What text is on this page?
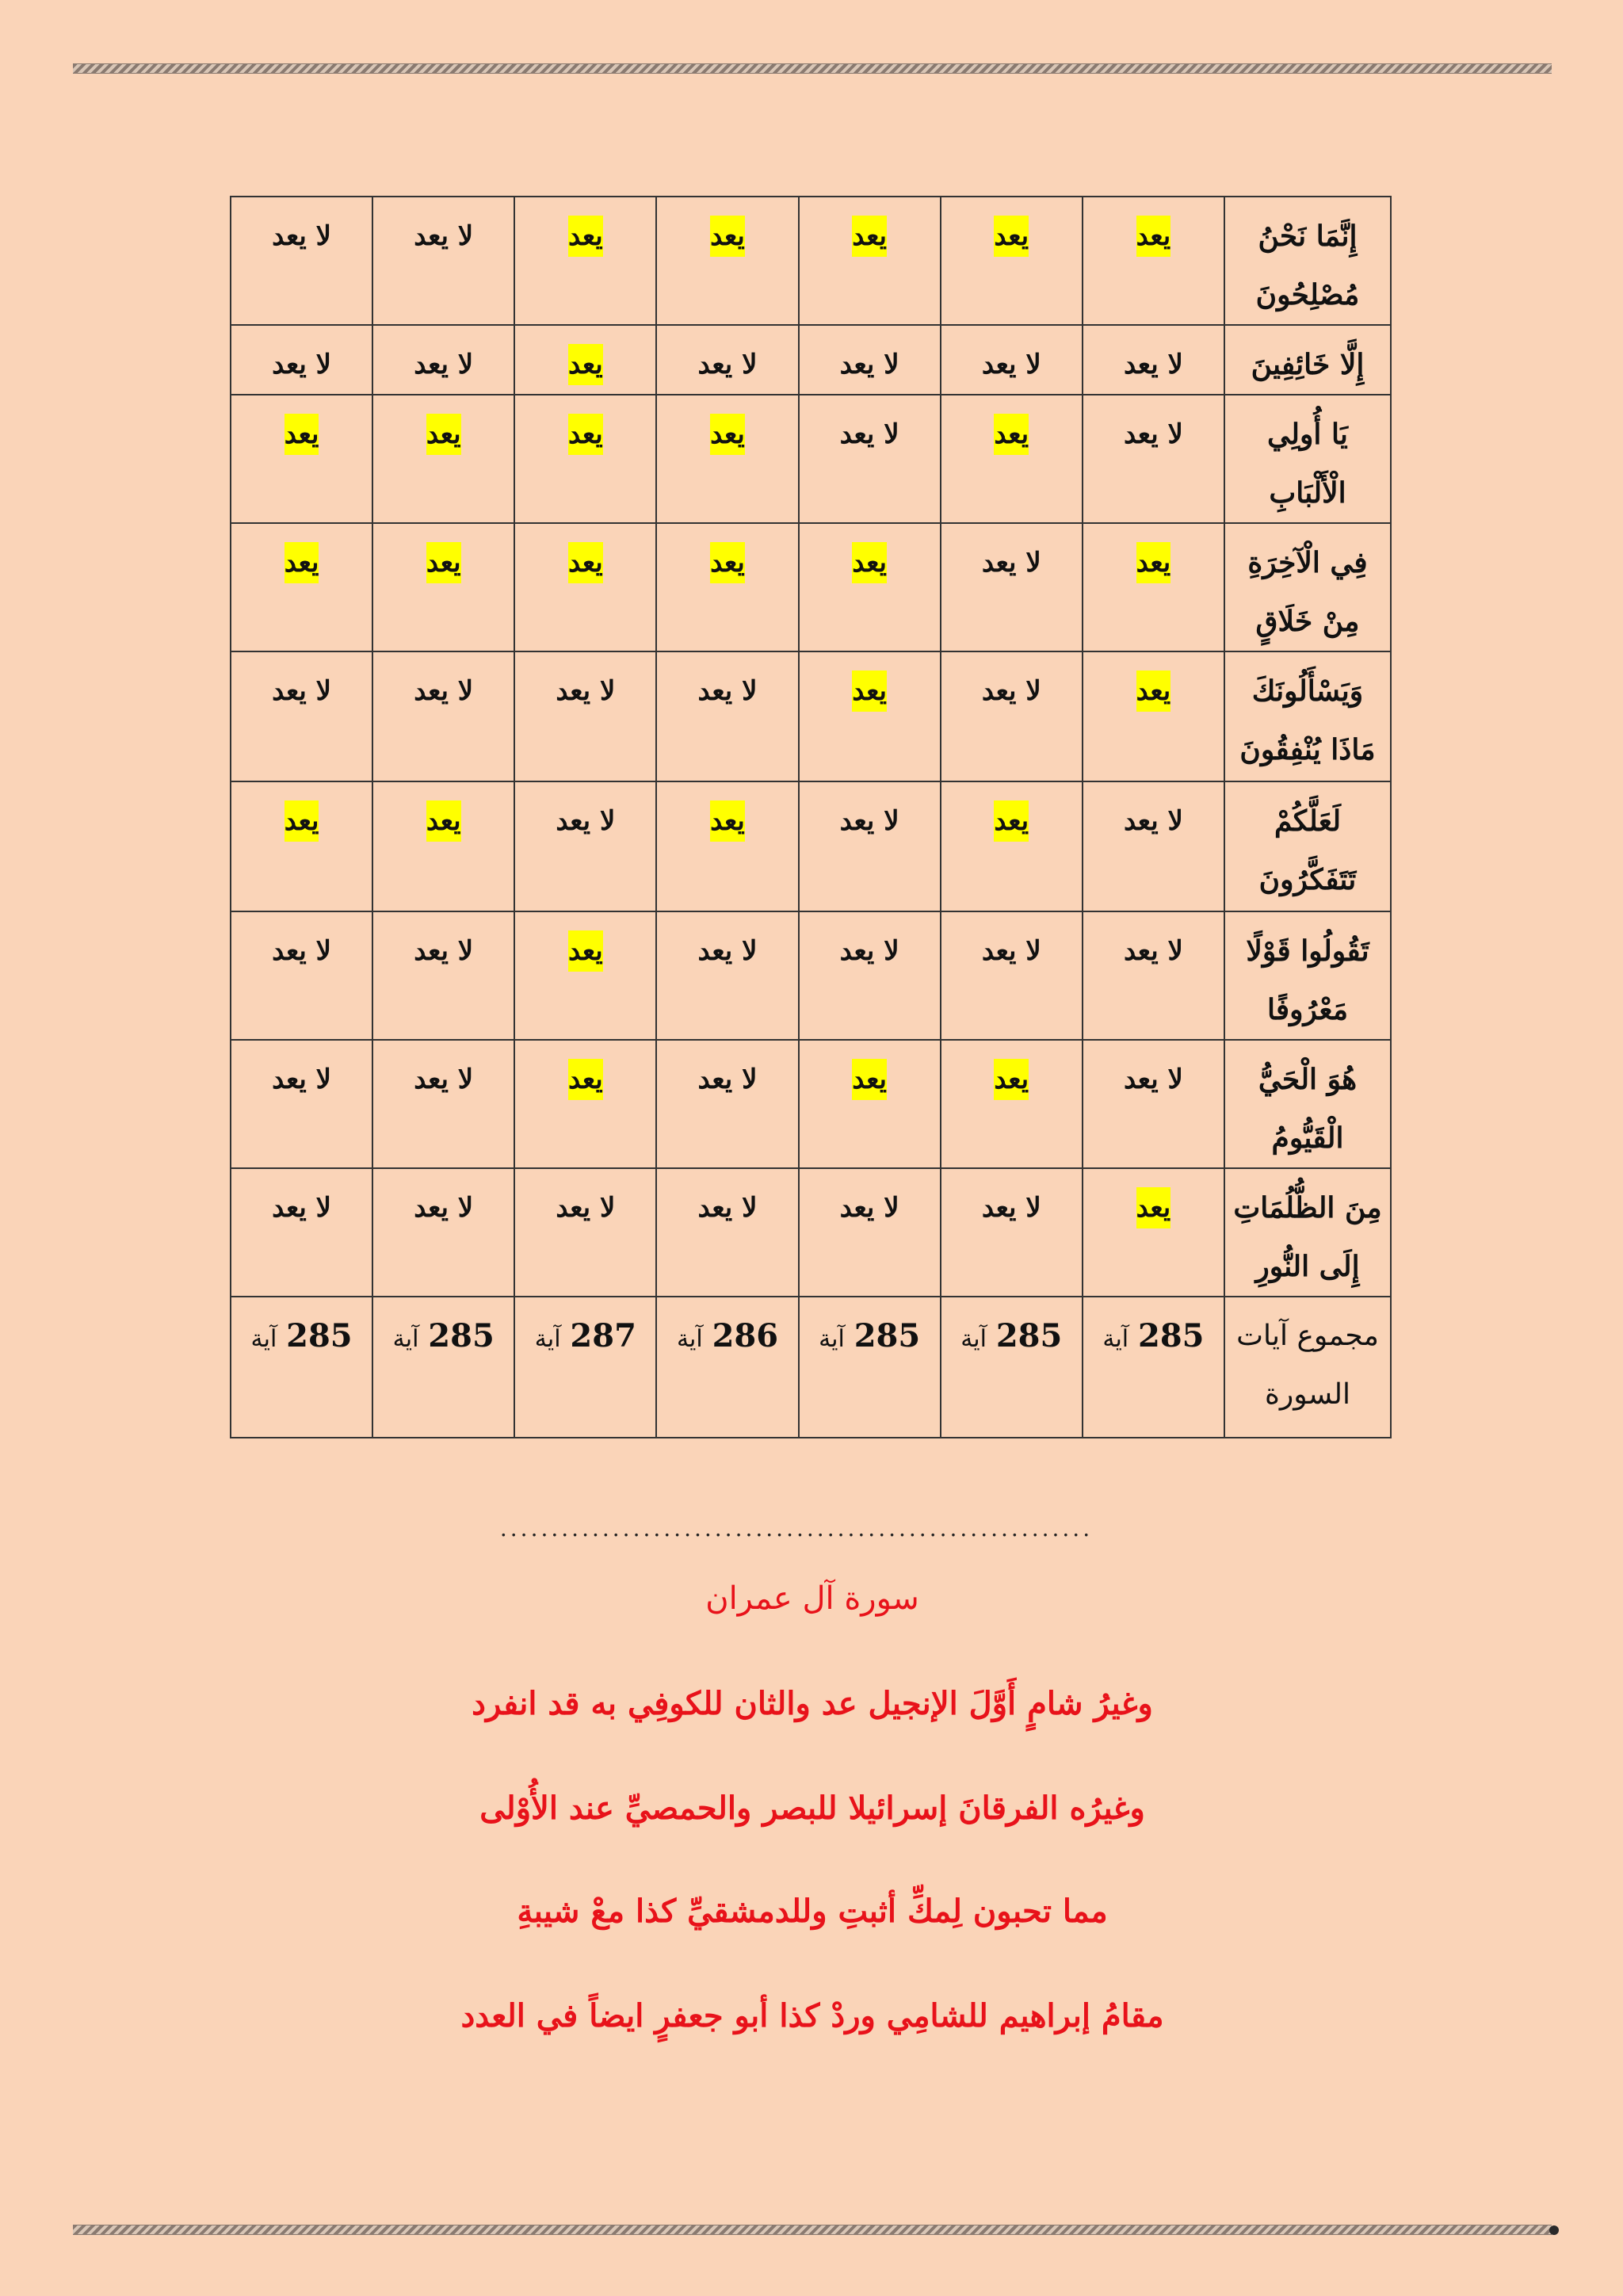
إِنَّمَا نَحْنُ مُصْلِحُونَ	يعد	يعد	يعد	يعد	يعد	لا يعد	لا يعد

إِلَّا خَائِفِينَ	لا يعد	لا يعد	لا يعد	لا يعد	يعد	لا يعد	لا يعد

يَا أُولِي الْأَلْبَابِ	لا يعد	يعد	لا يعد	يعد	يعد	يعد	يعد

فِي الْآخِرَةِ مِنْ خَلَاقٍ	يعد	لا يعد	يعد	يعد	يعد	يعد	يعد

وَيَسْأَلُونَكَ مَاذَا يُنْفِقُونَ	يعد	لا يعد	يعد	لا يعد	لا يعد	لا يعد	لا يعد

لَعَلَّكُمْ تَتَفَكَّرُونَ	لا يعد	يعد	لا يعد	يعد	لا يعد	يعد	يعد

تَقُولُوا قَوْلًا مَعْرُوفًا	لا يعد	لا يعد	لا يعد	لا يعد	يعد	لا يعد	لا يعد

هُوَ الْحَيُّ الْقَيُّومُ	لا يعد	يعد	يعد	لا يعد	يعد	لا يعد	لا يعد

مِنَ الظُّلُمَاتِ إِلَى النُّورِ	يعد	لا يعد	لا يعد	لا يعد	لا يعد	لا يعد	لا يعد

مجموع آيات السورة	285 آية	285 آية	285 آية	286 آية	287 آية	285 آية	285 آية
..........................................................
سورة آل عمران
وغيرُ شامٍ أَوَّلَ الإنجيل عد والثان للكوفِي به قد انفرد
وغيرُه الفرقانَ إسرائيلا للبصر والحمصيِّ عند الأُوْلى
مما تحبون لِمكِّ أثبتِ وللدمشقيِّ كذا معْ شيبةِ
مقامُ إبراهيم للشامِي وردْ كذا أبو جعفرٍ ايضاً في العدد
